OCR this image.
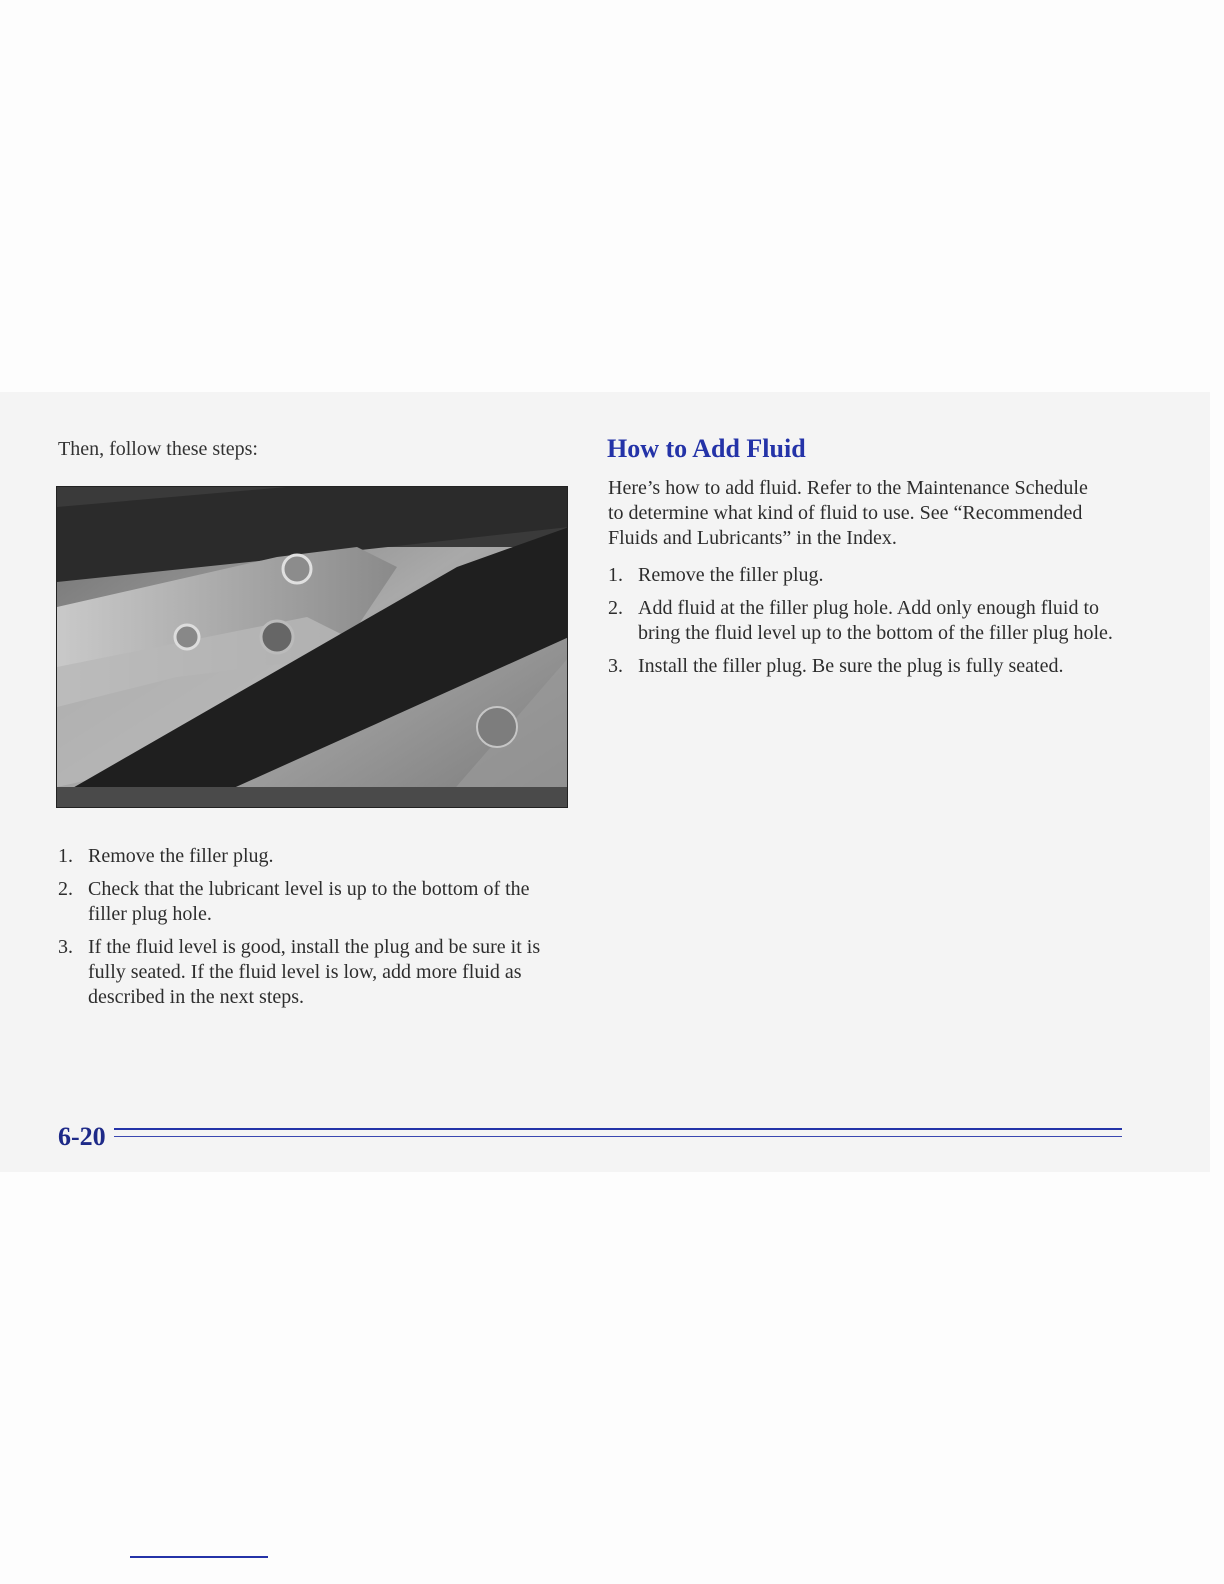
Then, follow these steps:
1. Remove the filler plug.
2. Check that the lubricant level is up to the bottom of the filler plug hole.
3. If the fluid level is good, install the plug and be sure it is fully seated. If the fluid level is low, add more fluid as described in the next steps.
How to Add Fluid

Here’s how to add fluid. Refer to the Maintenance Schedule to determine what kind of fluid to use. See “Recommended Fluids and Lubricants” in the Index.

1. Remove the filler plug.
2. Add fluid at the filler plug hole. Add only enough fluid to bring the fluid level up to the bottom of the filler plug hole.
3. Install the filler plug. Be sure the plug is fully seated.
6-20
